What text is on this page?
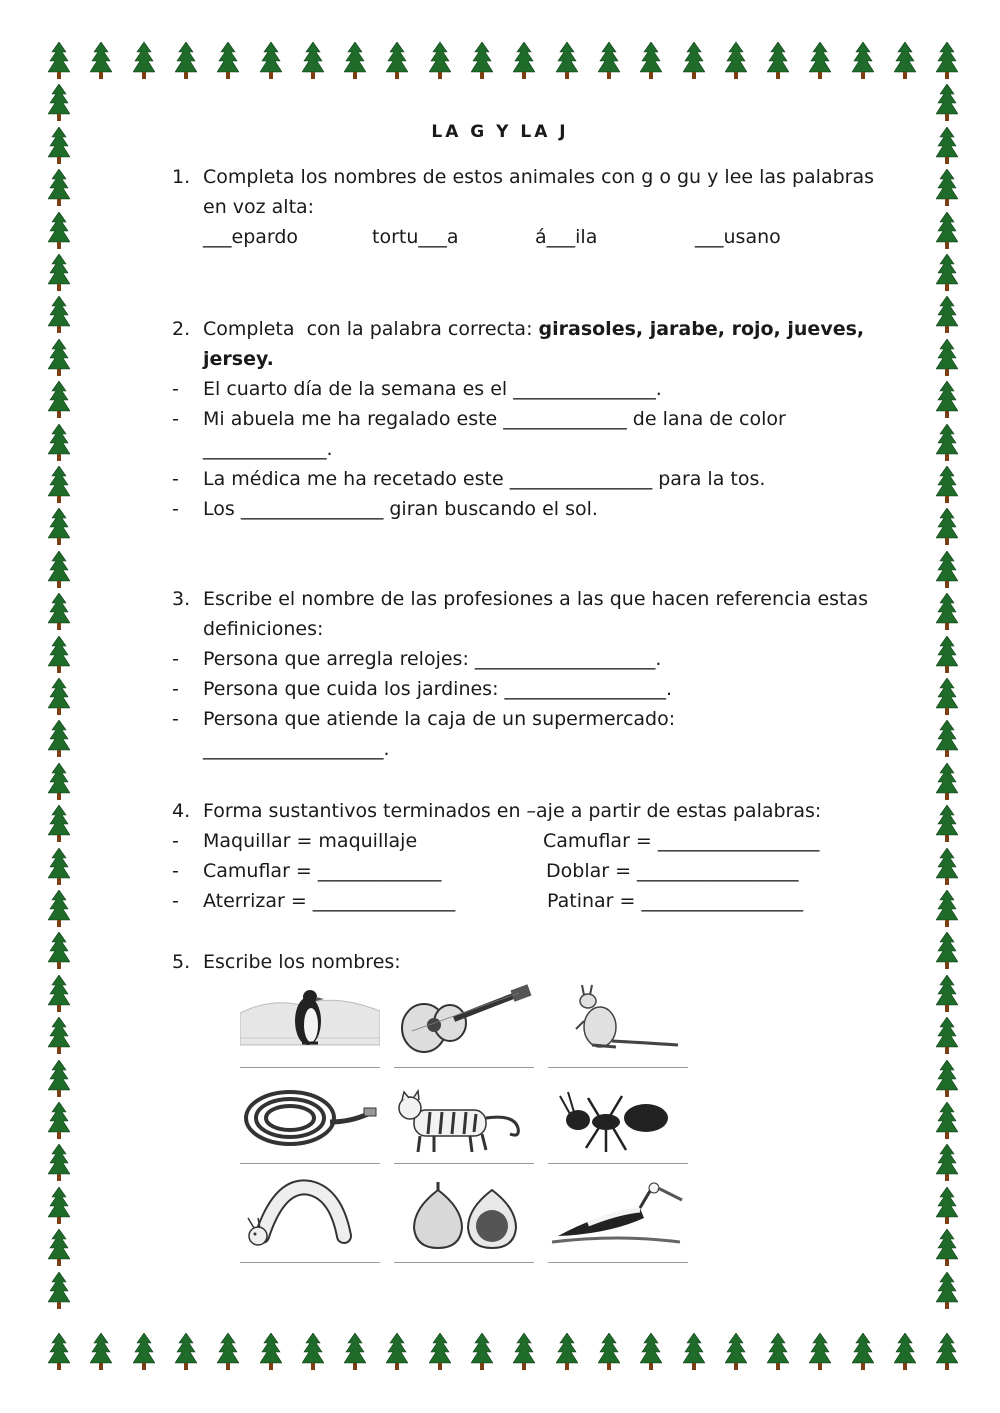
LA G Y LA J

1.

Completa los nombres de estos animales con g o gu y lee las palabras

en voz alta:

___epardo

	tortu___a

	á___ila

	___usano

2.

Completa  con la palabra correcta: girasoles, jarabe, rojo, jueves,

jersey.

-

El cuarto día de la semana es el _______________.

-

Mi abuela me ha regalado este _____________ de lana de color

_____________.

-

La médica me ha recetado este _______________ para la tos.

-

Los _______________ giran buscando el sol.

3.

Escribe el nombre de las profesiones a las que hacen referencia estas

definiciones:

-

Persona que arregla relojes: ___________________.

-

Persona que cuida los jardines: _________________.

-

Persona que atiende la caja de un supermercado:

___________________.

4.

Forma sustantivos terminados en –aje a partir de estas palabras:

-

Maquillar = maquillaje

	Camuflar = _________________

-

Camuflar = _____________

	Doblar = _________________

-

Aterrizar = _______________

	Patinar = _________________

5.

Escribe los nombres:
